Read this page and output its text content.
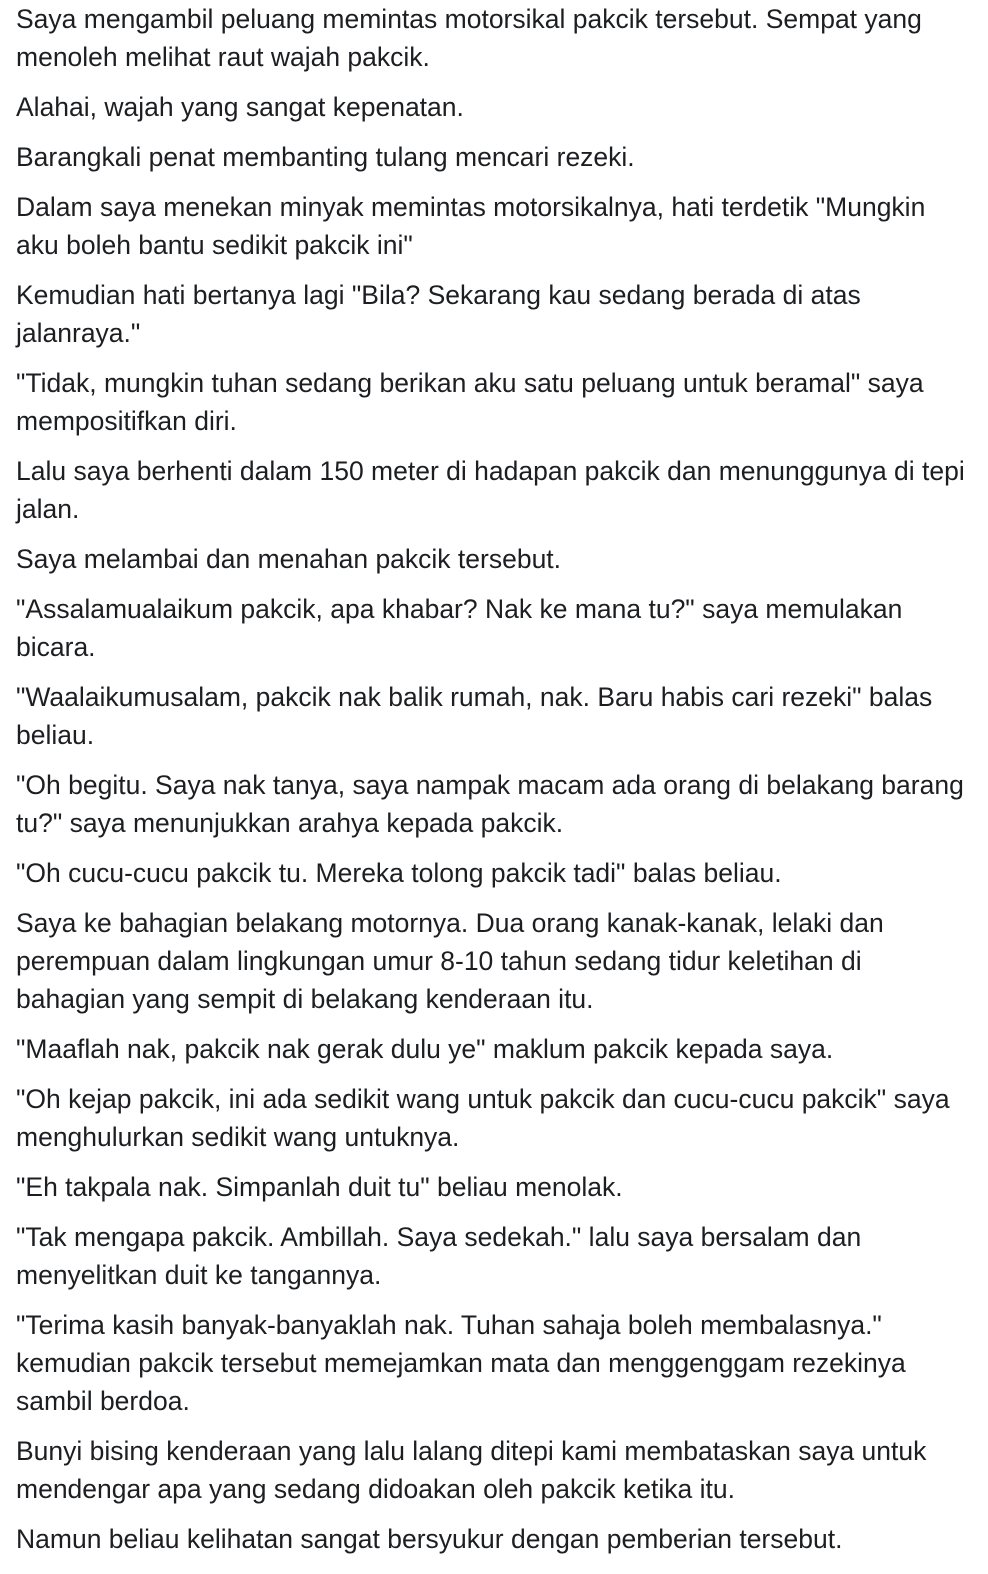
Saya mengambil peluang memintas motorsikal pakcik tersebut. Sempat yang menoleh melihat raut wajah pakcik.

Alahai, wajah yang sangat kepenatan.

Barangkali penat membanting tulang mencari rezeki.

Dalam saya menekan minyak memintas motorsikalnya, hati terdetik "Mungkin aku boleh bantu sedikit pakcik ini"

Kemudian hati bertanya lagi "Bila? Sekarang kau sedang berada di atas jalanraya."

"Tidak, mungkin tuhan sedang berikan aku satu peluang untuk beramal" saya mempositifkan diri.

Lalu saya berhenti dalam 150 meter di hadapan pakcik dan menunggunya di tepi jalan.

Saya melambai dan menahan pakcik tersebut.

"Assalamualaikum pakcik, apa khabar? Nak ke mana tu?" saya memulakan bicara.

"Waalaikumusalam, pakcik nak balik rumah, nak. Baru habis cari rezeki" balas beliau.

"Oh begitu. Saya nak tanya, saya nampak macam ada orang di belakang barang tu?" saya menunjukkan arahya kepada pakcik.

"Oh cucu-cucu pakcik tu. Mereka tolong pakcik tadi" balas beliau.

Saya ke bahagian belakang motornya. Dua orang kanak-kanak, lelaki dan perempuan dalam lingkungan umur 8-10 tahun sedang tidur keletihan di bahagian yang sempit di belakang kenderaan itu.

"Maaflah nak, pakcik nak gerak dulu ye" maklum pakcik kepada saya.

"Oh kejap pakcik, ini ada sedikit wang untuk pakcik dan cucu-cucu pakcik" saya menghulurkan sedikit wang untuknya.

"Eh takpala nak. Simpanlah duit tu" beliau menolak.

"Tak mengapa pakcik. Ambillah. Saya sedekah." lalu saya bersalam dan menyelitkan duit ke tangannya.

"Terima kasih banyak-banyaklah nak. Tuhan sahaja boleh membalasnya." kemudian pakcik tersebut memejamkan mata dan menggenggam rezekinya sambil berdoa.

Bunyi bising kenderaan yang lalu lalang ditepi kami membataskan saya untuk mendengar apa yang sedang didoakan oleh pakcik ketika itu.

Namun beliau kelihatan sangat bersyukur dengan pemberian tersebut.
